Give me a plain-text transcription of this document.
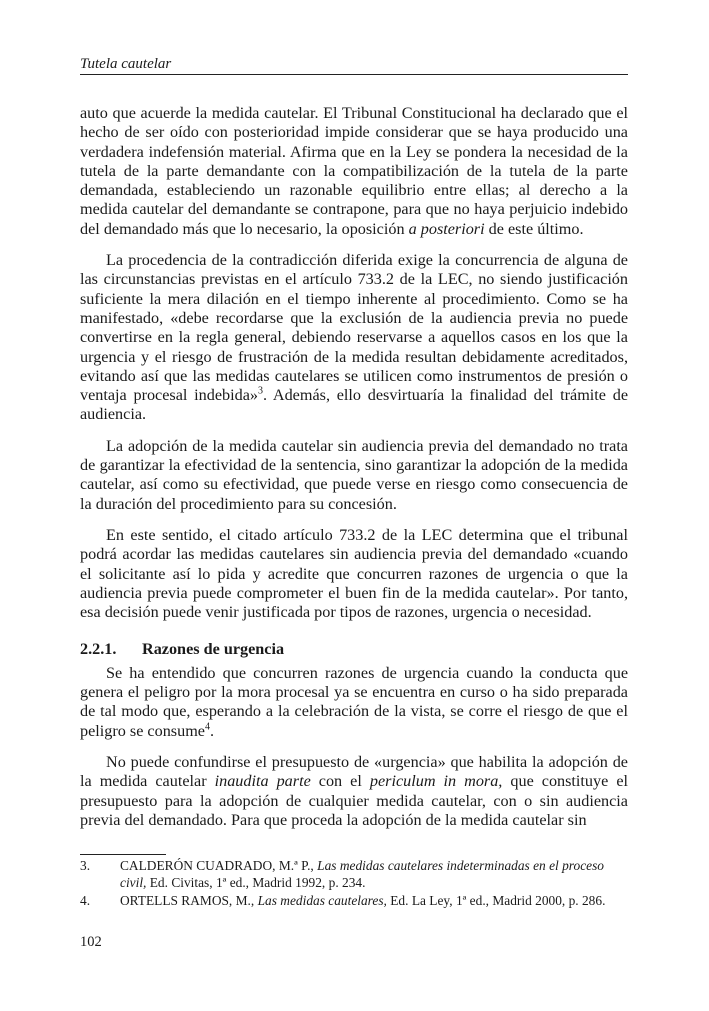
Tutela cautelar

auto que acuerde la medida cautelar. El Tribunal Constitucional ha declarado que el hecho de ser oído con posterioridad impide considerar que se haya producido una verdadera indefensión material. Afirma que en la Ley se pondera la necesidad de la tutela de la parte demandante con la compatibilización de la tutela de la parte demandada, estableciendo un razonable equilibrio entre ellas; al derecho a la medida cautelar del demandante se contrapone, para que no haya perjuicio indebido del demandado más que lo necesario, la oposición a posteriori de este último.

La procedencia de la contradicción diferida exige la concurrencia de alguna de las circunstancias previstas en el artículo 733.2 de la LEC, no siendo justificación suficiente la mera dilación en el tiempo inherente al procedimiento. Como se ha manifestado, «debe recordarse que la exclusión de la audiencia previa no puede convertirse en la regla general, debiendo reservarse a aquellos casos en los que la urgencia y el riesgo de frustración de la medida resultan debidamente acreditados, evitando así que las medidas cautelares se utilicen como instrumentos de presión o ventaja procesal indebida»$^3$. Además, ello desvirtuaría la finalidad del trámite de audiencia.

La adopción de la medida cautelar sin audiencia previa del demandado no trata de garantizar la efectividad de la sentencia, sino garantizar la adopción de la medida cautelar, así como su efectividad, que puede verse en riesgo como consecuencia de la duración del procedimiento para su concesión.

En este sentido, el citado artículo 733.2 de la LEC determina que el tribunal podrá acordar las medidas cautelares sin audiencia previa del demandado «cuando el solicitante así lo pida y acredite que concurren razones de urgencia o que la audiencia previa puede comprometer el buen fin de la medida cautelar». Por tanto, esa decisión puede venir justificada por tipos de razones, urgencia o necesidad.

2.2.1. Razones de urgencia

Se ha entendido que concurren razones de urgencia cuando la conducta que genera el peligro por la mora procesal ya se encuentra en curso o ha sido preparada de tal modo que, esperando a la celebración de la vista, se corre el riesgo de que el peligro se consume$^4$.

No puede confundirse el presupuesto de «urgencia» que habilita la adopción de la medida cautelar inaudita parte con el periculum in mora, que constituye el presupuesto para la adopción de cualquier medida cautelar, con o sin audiencia previa del demandado. Para que proceda la adopción de la medida cautelar sin

3.	CALDERÓN CUADRADO, M.ª P., Las medidas cautelares indeterminadas en el proceso civil, Ed. Civitas, 1ª ed., Madrid 1992, p. 234.
4.	ORTELLS RAMOS, M., Las medidas cautelares, Ed. La Ley, 1ª ed., Madrid 2000, p. 286.
102
